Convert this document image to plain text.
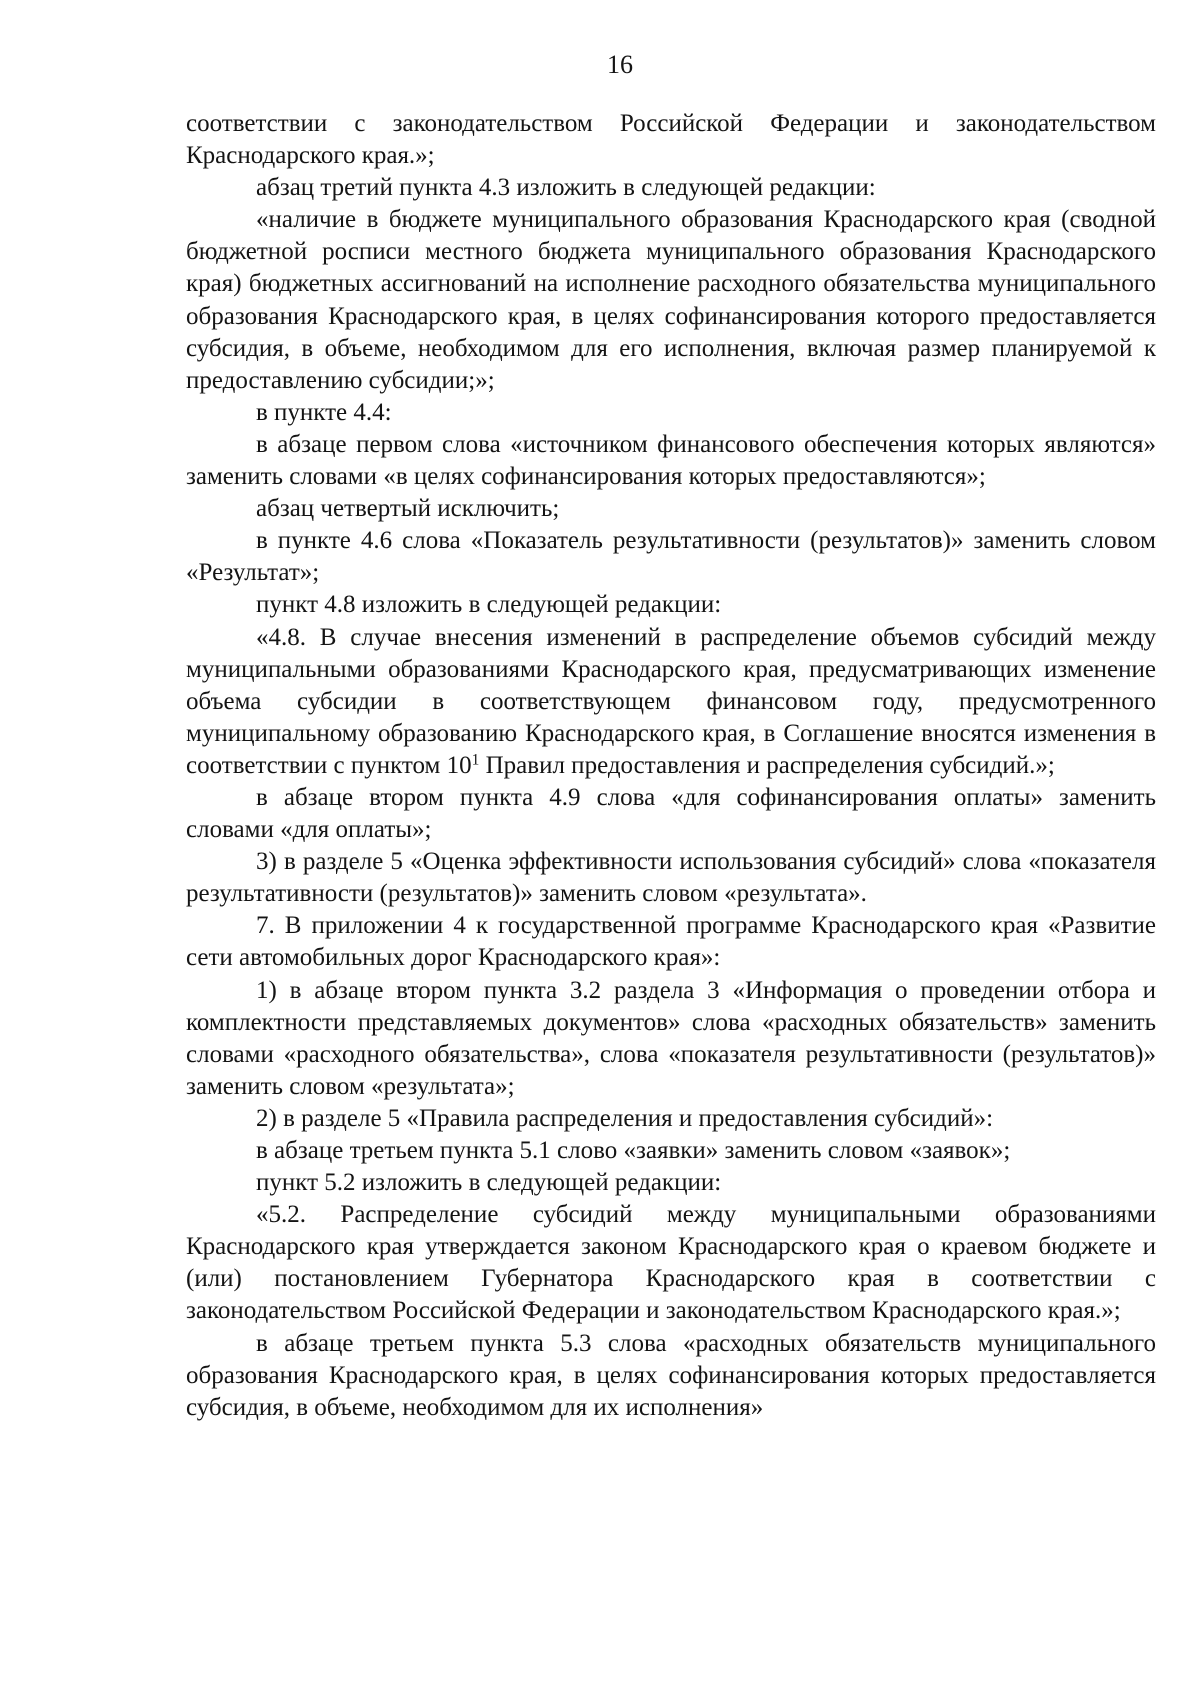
16

соответствии с законодательством Российской Федерации и законодательством Краснодарского края.»;

абзац третий пункта 4.3 изложить в следующей редакции:

«наличие в бюджете муниципального образования Краснодарского края (сводной бюджетной росписи местного бюджета муниципального образования Краснодарского края) бюджетных ассигнований на исполнение расходного обязательства муниципального образования Краснодарского края, в целях софинансирования которого предоставляется субсидия, в объеме, необходимом для его исполнения, включая размер планируемой к предоставлению субсидии;»;

в пункте 4.4:

в абзаце первом слова «источником финансового обеспечения которых являются» заменить словами «в целях софинансирования которых предоставляются»;

абзац четвертый исключить;

в пункте 4.6 слова «Показатель результативности (результатов)» заменить словом «Результат»;

пункт 4.8 изложить в следующей редакции:

«4.8. В случае внесения изменений в распределение объемов субсидий между муниципальными образованиями Краснодарского края, предусматривающих изменение объема субсидии в соответствующем финансовом году, предусмотренного муниципальному образованию Краснодарского края, в Соглашение вносятся изменения в соответствии с пунктом $10^1$ Правил предоставления и распределения субсидий.»;

в абзаце втором пункта 4.9 слова «для софинансирования оплаты» заменить словами «для оплаты»;

3) в разделе 5 «Оценка эффективности использования субсидий» слова «показателя результативности (результатов)» заменить словом «результата».

7. В приложении 4 к государственной программе Краснодарского края «Развитие сети автомобильных дорог Краснодарского края»:

1) в абзаце втором пункта 3.2 раздела 3 «Информация о проведении отбора и комплектности представляемых документов» слова «расходных обязательств» заменить словами «расходного обязательства», слова «показателя результативности (результатов)» заменить словом «результата»;

2) в разделе 5 «Правила распределения и предоставления субсидий»:

в абзаце третьем пункта 5.1 слово «заявки» заменить словом «заявок»;

пункт 5.2 изложить в следующей редакции:

«5.2. Распределение субсидий между муниципальными образованиями Краснодарского края утверждается законом Краснодарского края о краевом бюджете и (или) постановлением Губернатора Краснодарского края в соответствии с законодательством Российской Федерации и законодательством Краснодарского края.»;

в абзаце третьем пункта 5.3 слова «расходных обязательств муниципального образования Краснодарского края, в целях софинансирования которых предоставляется субсидия, в объеме, необходимом для их исполнения»
